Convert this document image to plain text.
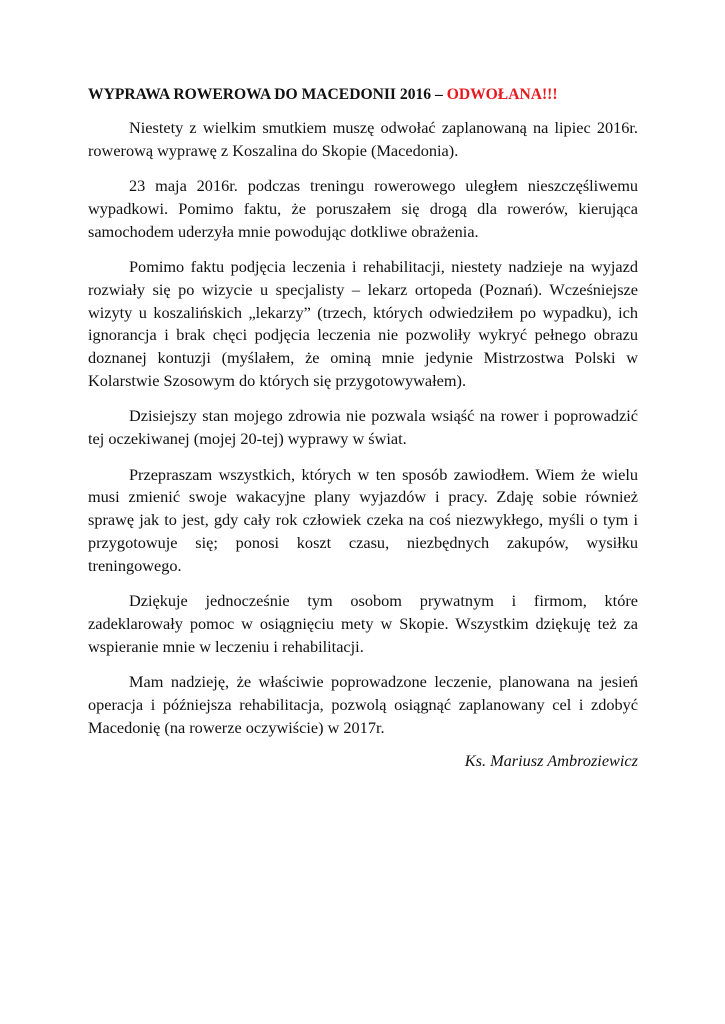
WYPRAWA ROWEROWA DO MACEDONII 2016 – ODWOŁANA!!!

Niestety z wielkim smutkiem muszę odwołać zaplanowaną na lipiec 2016r. rowerową wyprawę z Koszalina do Skopie (Macedonia).

23 maja 2016r. podczas treningu rowerowego uległem nieszczęśliwemu wypadkowi. Pomimo faktu, że poruszałem się drogą dla rowerów, kierująca samochodem uderzyła mnie powodując dotkliwe obrażenia.

Pomimo faktu podjęcia leczenia i rehabilitacji, niestety nadzieje na wyjazd rozwiały się po wizycie u specjalisty – lekarz ortopeda (Poznań). Wcześniejsze wizyty u koszalińskich „lekarzy” (trzech, których odwiedziłem po wypadku), ich ignorancja i brak chęci podjęcia leczenia nie pozwoliły wykryć pełnego obrazu doznanej kontuzji (myślałem, że ominą mnie jedynie Mistrzostwa Polski w Kolarstwie Szosowym do których się przygotowywałem).

Dzisiejszy stan mojego zdrowia nie pozwala wsiąść na rower i poprowadzić tej oczekiwanej (mojej 20-tej) wyprawy w świat.

Przepraszam wszystkich, których w ten sposób zawiodłem. Wiem że wielu musi zmienić swoje wakacyjne plany wyjazdów i pracy. Zdaję sobie również sprawę jak to jest, gdy cały rok człowiek czeka na coś niezwykłego, myśli o tym i przygotowuje się; ponosi koszt czasu, niezbędnych zakupów, wysiłku treningowego.

Dziękuje jednocześnie tym osobom prywatnym i firmom, które zadeklarowały pomoc w osiągnięciu mety w Skopie. Wszystkim dziękuję też za wspieranie mnie w leczeniu i rehabilitacji.

Mam nadzieję, że właściwie poprowadzone leczenie, planowana na jesień operacja i późniejsza rehabilitacja, pozwolą osiągnąć zaplanowany cel i zdobyć Macedonię (na rowerze oczywiście) w 2017r.

Ks. Mariusz Ambroziewicz
